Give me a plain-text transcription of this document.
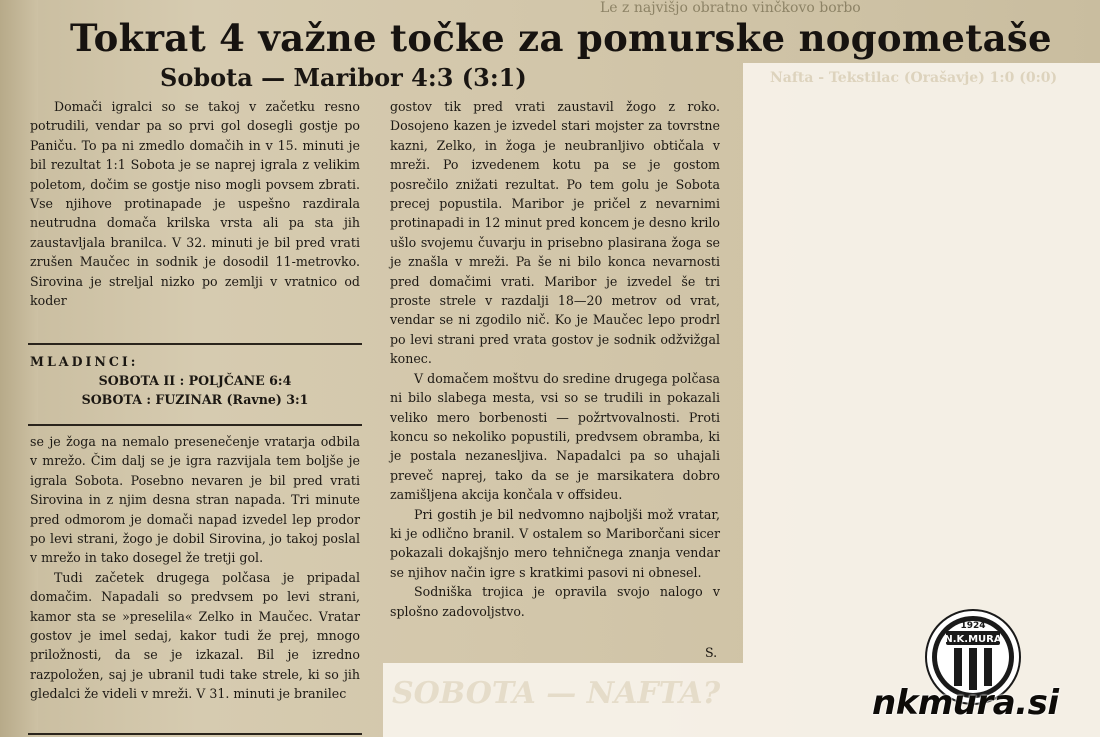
Le z najvišjo obratno vinčkovo borbo
Tokrat 4 važne točke za pomurske nogometaše
Sobota — Maribor 4:3 (3:1)

Domači igralci so se takoj v začetku resno potrudili, vendar pa so prvi gol dosegli gostje po Paniču. To pa ni zmedlo domačih in v 15. minuti je bil rezultat 1:1 Sobota je se naprej igrala z velikim poletom, dočim se gostje niso mogli povsem zbrati. Vse njihove protinapade je uspešno razdirala neutrudna domača krilska vrsta ali pa sta jih zaustavljala branilca. V 32. minuti je bil pred vrati zrušen Maučec in sodnik je dosodil 11-metrovko. Sirovina je streljal nizko po zemlji v vratnico od koder

MLADINCI:
SOBOTA II : POLJČANE 6:4
SOBOTA : FUZINAR (Ravne) 3:1

se je žoga na nemalo presenečenje vratarja odbila v mrežo. Čim dalj se je igra razvijala tem boljše je igrala Sobota. Posebno nevaren je bil pred vrati Sirovina in z njim desna stran napada. Tri minute pred odmorom je domači napad izvedel lep prodor po levi strani, žogo je dobil Sirovina, jo takoj poslal v mrežo in tako dosegel že tretji gol.

Tudi začetek drugega polčasa je pripadal domačim. Napadali so predvsem po levi strani, kamor sta se »preselila« Zelko in Maučec. Vratar gostov je imel sedaj, kakor tudi že prej, mnogo priložnosti, da se je izkazal. Bil je izredno razpoložen, saj je ubranil tudi take strele, ki so jih gledalci že videli v mreži. V 31. minuti je branilec

gostov tik pred vrati zaustavil žogo z roko. Dosojeno kazen je izvedel stari mojster za tovrstne kazni, Zelko, in žoga je neubranljivo obtičala v mreži. Po izvedenem kotu pa se je gostom posrečilo znižati rezultat. Po tem golu je Sobota precej popustila. Maribor je pričel z nevarnimi protinapadi in 12 minut pred koncem je desno krilo ušlo svojemu čuvarju in prisebno plasirana žoga se je znašla v mreži. Pa še ni bilo konca nevarnosti pred domačimi vrati. Maribor je izvedel še tri proste strele v razdalji 18—20 metrov od vrat, vendar se ni zgodilo nič. Ko je Maučec lepo prodrl po levi strani pred vrata gostov je sodnik odžvižgal konec.

V domačem moštvu do sredine drugega polčasa ni bilo slabega mesta, vsi so se trudili in pokazali veliko mero borbenosti — požrtvovalnosti. Proti koncu so nekoliko popustili, predvsem obramba, ki je postala nezanesljiva. Napadalci pa so uhajali preveč naprej, tako da se je marsikatera dobro zamišljena akcija končala v offsideu.

Pri gostih je bil nedvomno najboljši mož vratar, ki je odlično branil. V ostalem so Mariborčani sicer pokazali dokajšnjo mero tehničnega znanja vendar se njihov način igre s kratkimi pasovi ni obnesel.

Sodniška trojica je opravila svojo nalogo v splošno zadovoljstvo.

S.
Nafta - Tekstilac (Orašavje) 1:0 (0:0)
SOBOTA — NAFTA?
N.K.MURA
1924
nkmura.si
